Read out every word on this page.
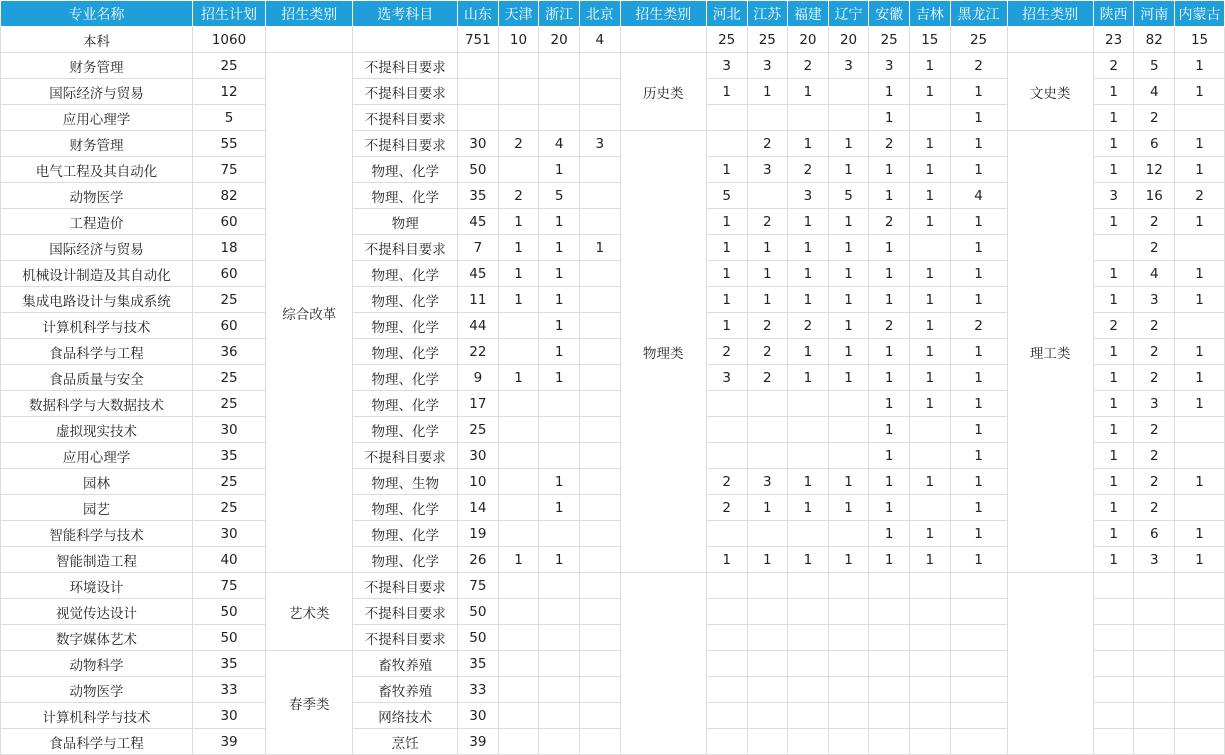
专业名称	招生计划	招生类别	选考科目	山东	天津	浙江	北京	招生类别	河北	江苏	福建	辽宁	安徽	吉林	黑龙江	招生类别	陕西	河南	内蒙古
本科	1060			751	10	20	4		25	25	20	20	25	15	25		23	82	15
财务管理	25	综合改革	不提科目要求					历史类	3	3	2	3	3	1	2	文史类	2	5	1
国际经济与贸易	12		不提科目要求						1	1	1		1	1	1		1	4	1
应用心理学	5		不提科目要求										1		1		1	2	
财务管理	55		不提科目要求	30	2	4	3	物理类		2	1	1	2	1	1	理工类	1	6	1
电气工程及其自动化	75		物理、化学	50		1			1	3	2	1	1	1	1		1	12	1
动物医学	82		物理、化学	35	2	5			5		3	5	1	1	4		3	16	2
工程造价	60		物理	45	1	1			1	2	1	1	2	1	1		1	2	1
国际经济与贸易	18		不提科目要求	7	1	1	1		1	1	1	1	1		1			2	
机械设计制造及其自动化	60		物理、化学	45	1	1			1	1	1	1	1	1	1		1	4	1
集成电路设计与集成系统	25		物理、化学	11	1	1			1	1	1	1	1	1	1		1	3	1
计算机科学与技术	60		物理、化学	44		1			1	2	2	1	2	1	2		2	2	
食品科学与工程	36		物理、化学	22		1			2	2	1	1	1	1	1		1	2	1
食品质量与安全	25		物理、化学	9	1	1			3	2	1	1	1	1	1		1	2	1
数据科学与大数据技术	25		物理、化学	17									1	1	1		1	3	1
虚拟现实技术	30		物理、化学	25									1		1		1	2	
应用心理学	35		不提科目要求	30									1		1		1	2	
园林	25		物理、生物	10		1			2	3	1	1	1	1	1		1	2	1
园艺	25		物理、化学	14		1			2	1	1	1	1		1		1	2	
智能科学与技术	30		物理、化学	19									1	1	1		1	6	1
智能制造工程	40		物理、化学	26	1	1			1	1	1	1	1	1	1		1	3	1
环境设计	75	艺术类	不提科目要求	75															
视觉传达设计	50		不提科目要求	50															
数字媒体艺术	50		不提科目要求	50															
动物科学	35	春季类	畜牧养殖	35															
动物医学	33		畜牧养殖	33															
计算机科学与技术	30		网络技术	30															
食品科学与工程	39		烹饪	39															
